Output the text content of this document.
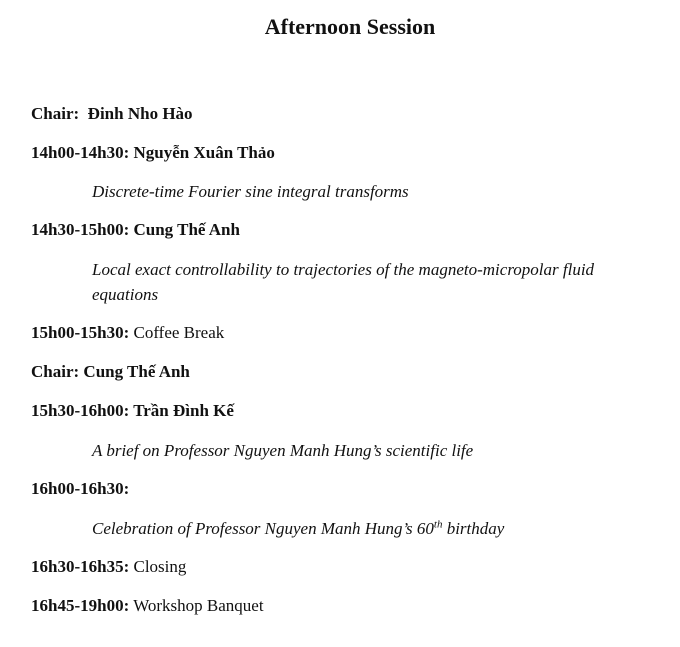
Afternoon Session
Chair: Đinh Nho Hào
14h00-14h30: Nguyễn Xuân Thảo
Discrete-time Fourier sine integral transforms
14h30-15h00: Cung Thế Anh
Local exact controllability to trajectories of the magneto-micropolar fluid equations
15h00-15h30: Coffee Break
Chair: Cung Thế Anh
15h30-16h00: Trần Đình Kế
A brief on Professor Nguyen Manh Hung’s scientific life
16h00-16h30:
Celebration of Professor Nguyen Manh Hung’s 60th birthday
16h30-16h35: Closing
16h45-19h00: Workshop Banquet
